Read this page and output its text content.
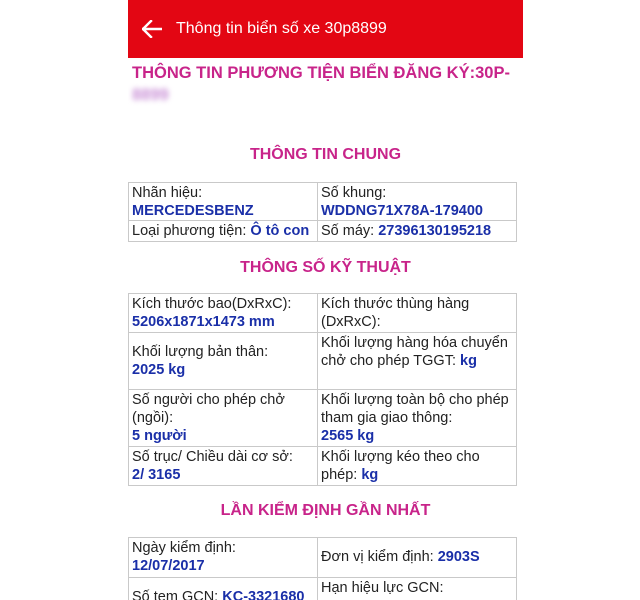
Thông tin biển số xe 30p8899
THÔNG TIN PHƯƠNG TIỆN BIỂN ĐĂNG KÝ:30P-
8899
THÔNG TIN CHUNG
Nhãn hiệu:
MERCEDESBENZ
Số khung:
WDDNG71X78A-179400
Loại phương tiện: Ô tô con Số máy: 27396130195218
THÔNG SỐ KỸ THUẬT
Kích thước bao(DxRxC):
5206x1871x1473 mm
Kích thước thùng hàng (DxRxC):
Khối lượng bản thân:
2025 kg
Khối lượng hàng hóa chuyển chở cho phép TGGT: kg
Số người cho phép chở (ngồi):
5 người
Khối lượng toàn bộ cho phép tham gia giao thông:
2565 kg
Số trục/ Chiều dài cơ sở:
2/ 3165
Khối lượng kéo theo cho phép: kg
LẦN KIỂM ĐỊNH GẦN NHẤT
Ngày kiểm định:
12/07/2017
Đơn vị kiểm định: 2903S
Số tem GCN: KC-3321680
Hạn hiệu lực GCN:
